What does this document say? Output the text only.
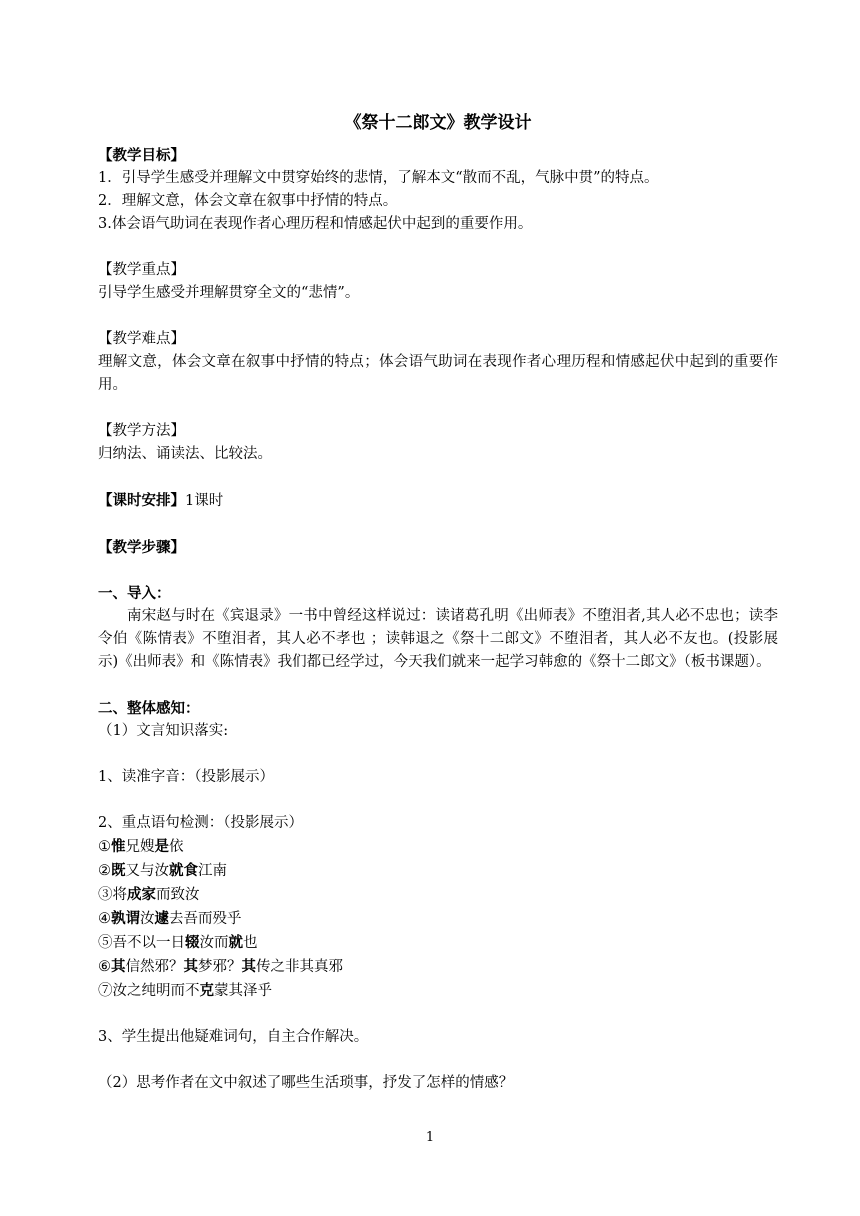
《祭十二郎文》教学设计

【教学目标】

1．引导学生感受并理解文中贯穿始终的悲情，了解本文“散而不乱，气脉中贯”的特点。

2．理解文意，体会文章在叙事中抒情的特点。

3.体会语气助词在表现作者心理历程和情感起伏中起到的重要作用。

【教学重点】

引导学生感受并理解贯穿全文的“悲情”。

【教学难点】

理解文意，体会文章在叙事中抒情的特点；体会语气助词在表现作者心理历程和情感起伏中起到的重要作用。

【教学方法】

归纳法、诵读法、比较法。

【课时安排】1课时

【教学步骤】

一、导入：

南宋赵与时在《宾退录》一书中曾经这样说过：读诸葛孔明《出师表》不堕泪者,其人必不忠也；读李令伯《陈情表》不堕泪者，其人必不孝也 ；读韩退之《祭十二郎文》不堕泪者，其人必不友也。(投影展示)《出师表》和《陈情表》我们都已经学过，今天我们就来一起学习韩愈的《祭十二郎文》（板书课题）。

二、整体感知：

（1）文言知识落实:

1、读准字音：（投影展示）

2、重点语句检测：（投影展示）

①惟兄嫂是依

②既又与汝就食江南

③将成家而致汝

④孰谓汝遽去吾而殁乎

⑤吾不以一日辍汝而就也

⑥其信然邪？其梦邪？其传之非其真邪

⑦汝之纯明而不克蒙其泽乎

3、学生提出他疑难词句，自主合作解决。

（2）思考作者在文中叙述了哪些生活琐事，抒发了怎样的情感？

1
